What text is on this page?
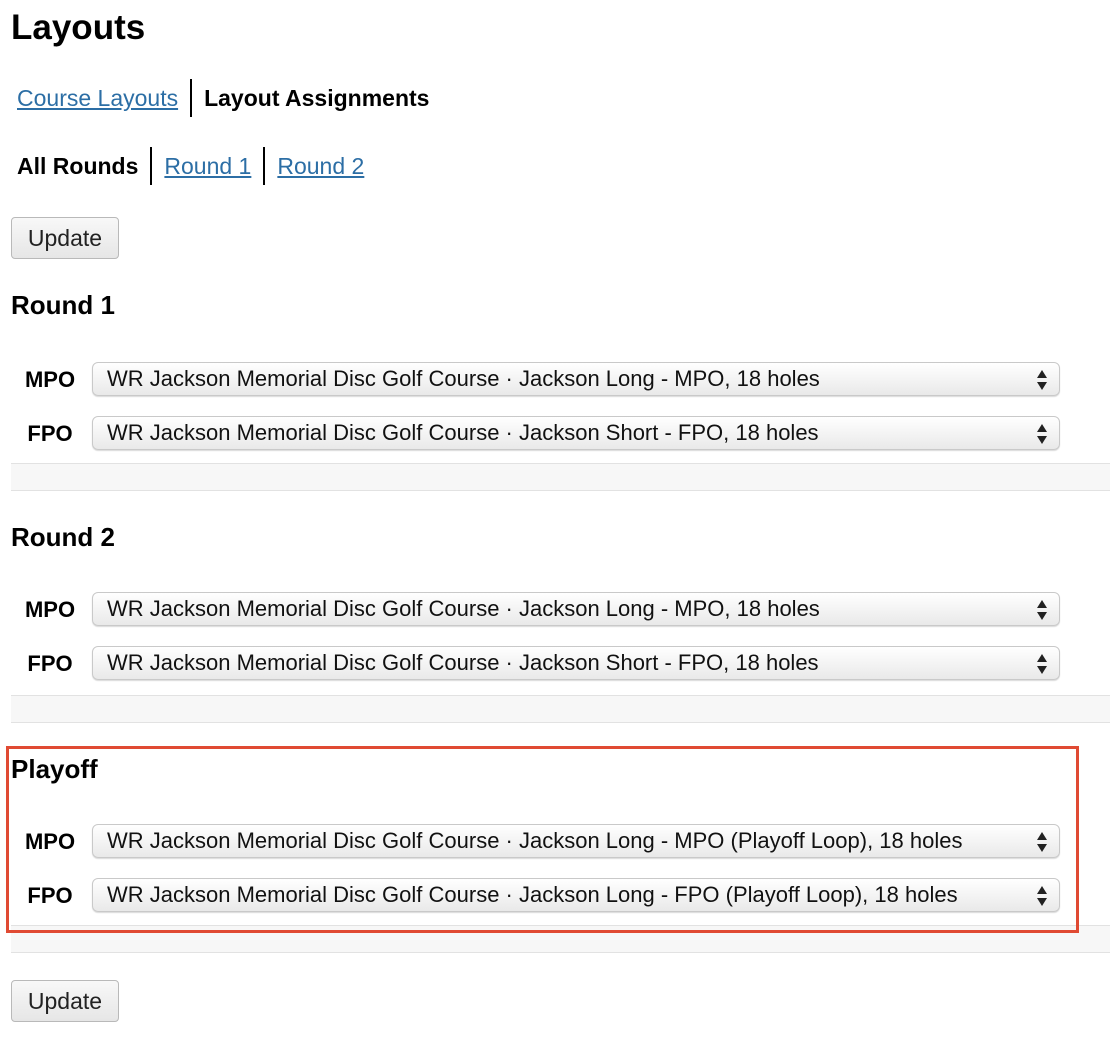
Layouts
Course Layouts	Layout Assignments
All Rounds	Round 1	Round 2
Update
Round 1
MPO WR Jackson Memorial Disc Golf Course · Jackson Long - MPO, 18 holes
FPO	WR Jackson Memorial Disc Golf Course · Jackson Short - FPO, 18 holes
Round 2
MPO WR Jackson Memorial Disc Golf Course · Jackson Long - MPO, 18 holes
FPO	WR Jackson Memorial Disc Golf Course · Jackson Short - FPO, 18 holes
Playoff
MPO WR Jackson Memorial Disc Golf Course · Jackson Long - MPO (Playoff Loop), 18 holes
FPO	WR Jackson Memorial Disc Golf Course · Jackson Long - FPO (Playoff Loop), 18 holes
Update
